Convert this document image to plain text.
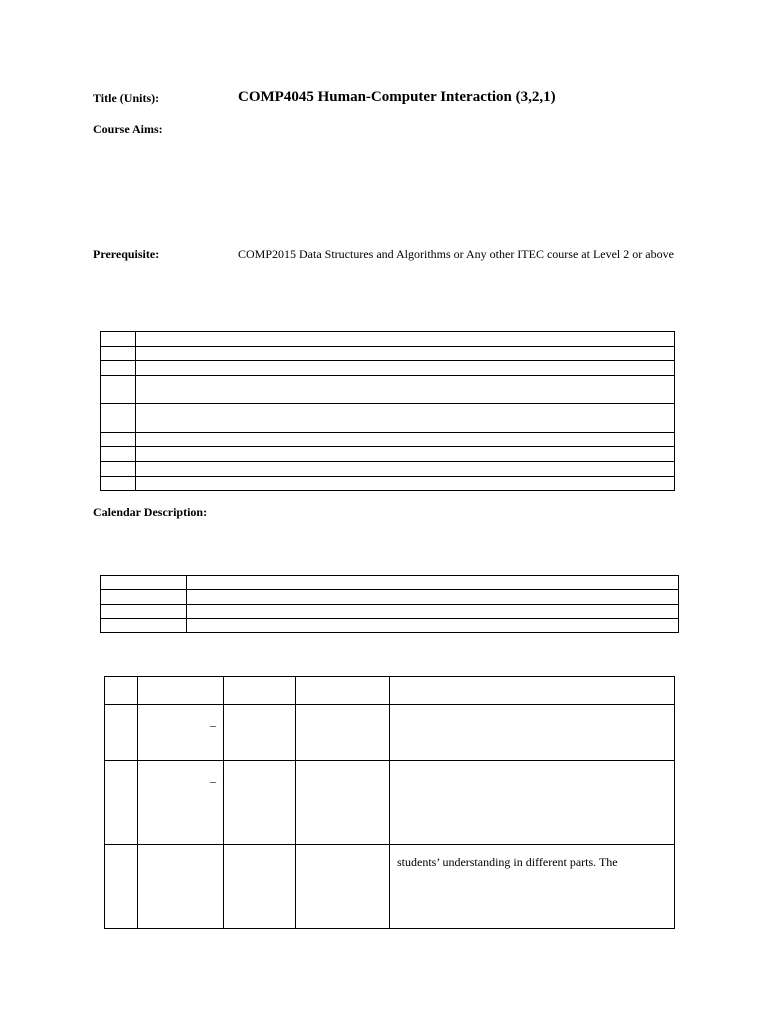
Title (Units):	COMP4045 Human-Computer Interaction (3,2,1)
Course Aims:
Prerequisite:	COMP2015 Data Structures and Algorithms or Any other ITEC course at Level 2 or above

Calendar Description:

	–			

	–			

				students’ understanding in different parts. The
